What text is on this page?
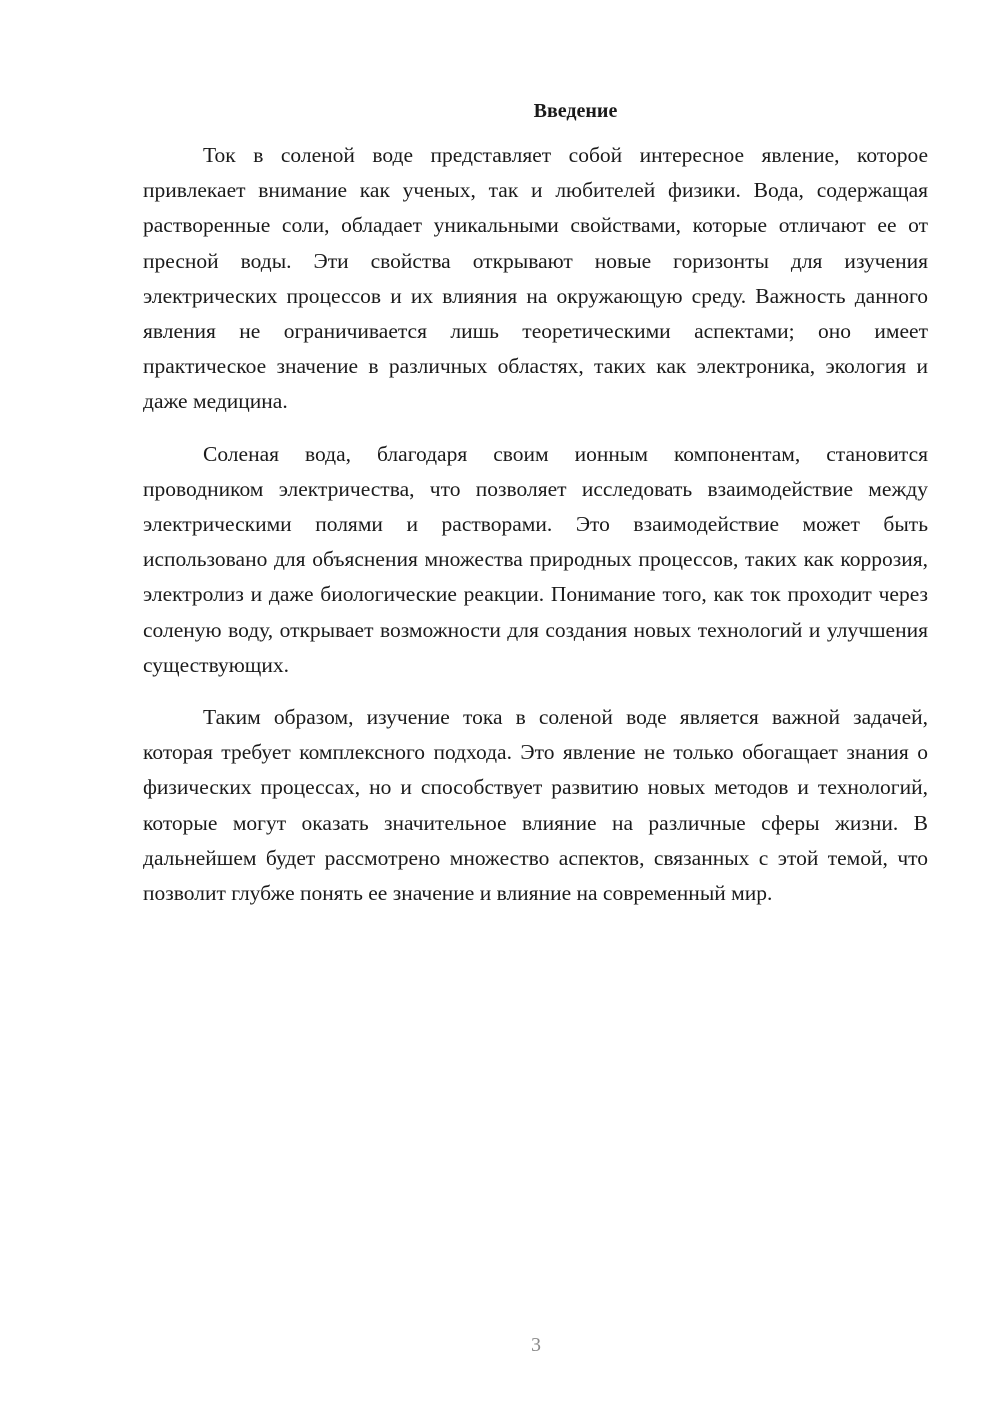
Введение

Ток в соленой воде представляет собой интересное явление, которое привлекает внимание как ученых, так и любителей физики. Вода, содержащая растворенные соли, обладает уникальными свойствами, которые отличают ее от пресной воды. Эти свойства открывают новые горизонты для изучения электрических процессов и их влияния на окружающую среду. Важность данного явления не ограничивается лишь теоретическими аспектами; оно имеет практическое значение в различных областях, таких как электроника, экология и даже медицина.

Соленая вода, благодаря своим ионным компонентам, становится проводником электричества, что позволяет исследовать взаимодействие между электрическими полями и растворами. Это взаимодействие может быть использовано для объяснения множества природных процессов, таких как коррозия, электролиз и даже биологические реакции. Понимание того, как ток проходит через соленую воду, открывает возможности для создания новых технологий и улучшения существующих.

Таким образом, изучение тока в соленой воде является важной задачей, которая требует комплексного подхода. Это явление не только обогащает знания о физических процессах, но и способствует развитию новых методов и технологий, которые могут оказать значительное влияние на различные сферы жизни. В дальнейшем будет рассмотрено множество аспектов, связанных с этой темой, что позволит глубже понять ее значение и влияние на современный мир.

3
